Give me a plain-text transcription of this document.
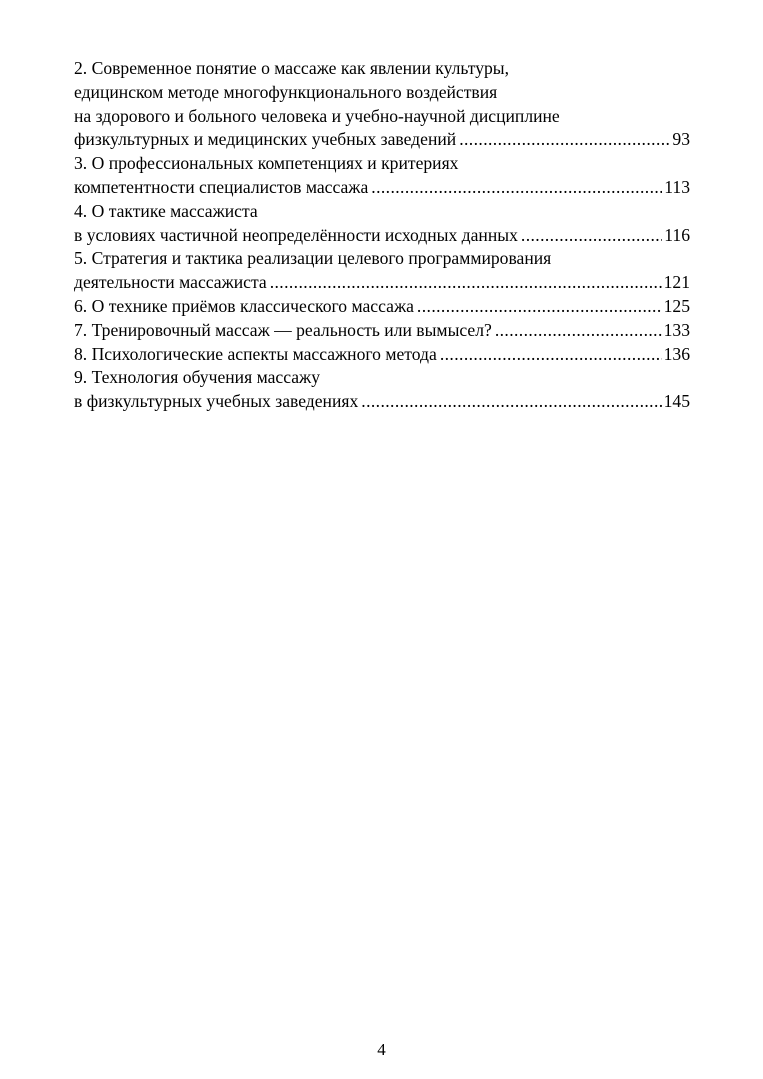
2. Современное понятие о массаже как явлении культуры,
едицинском методе многофункционального воздействия
на здорового и больного человека и учебно-научной дисциплине
физкультурных и медицинских учебных заведений .....	93
3. О профессиональных компетенциях и критериях
компетентности специалистов массажа .....	113
4. О тактике массажиста
в условиях частичной неопределённости исходных данных .....	116
5. Стратегия и тактика реализации целевого программирования
деятельности массажиста .....	121
6. О технике приёмов классического массажа .....	125
7. Тренировочный массаж — реальность или вымысел? .....	133
8. Психологические аспекты массажного метода .....	136
9. Технология обучения массажу
в физкультурных учебных заведениях .....	145
4
